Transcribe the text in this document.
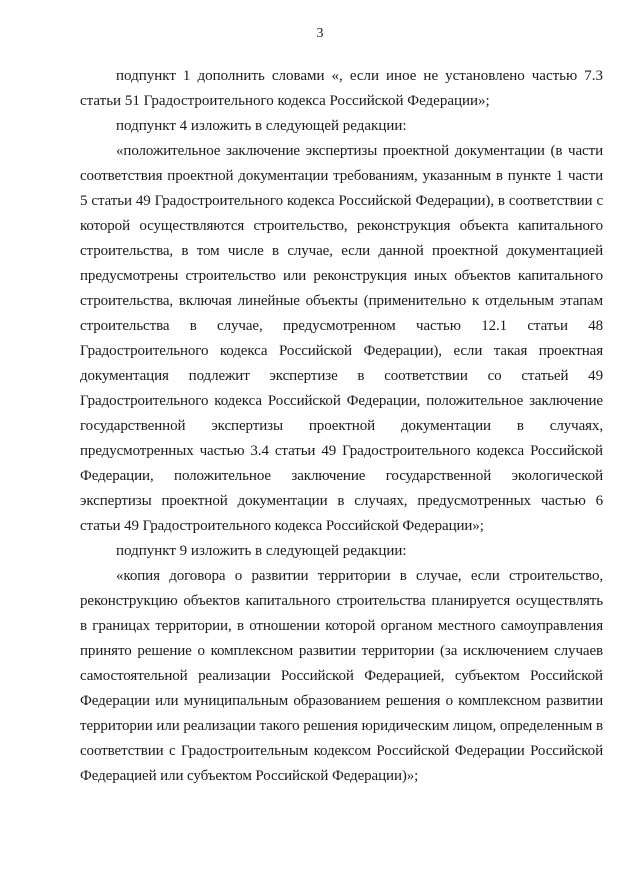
3

подпункт 1 дополнить словами «, если иное не установлено частью 7.3 статьи 51 Градостроительного кодекса Российской Федерации»;

подпункт 4 изложить в следующей редакции:

«положительное заключение экспертизы проектной документации (в части соответствия проектной документации требованиям, указанным в пункте 1 части 5 статьи 49 Градостроительного кодекса Российской Федерации), в соответствии с которой осуществляются строительство, реконструкция объекта капитального строительства, в том числе в случае, если данной проектной документацией предусмотрены строительство или реконструкция иных объектов капитального строительства, включая линейные объекты (применительно к отдельным этапам строительства в случае, предусмотренном частью 12.1 статьи 48 Градостроительного кодекса Российской Федерации), если такая проектная документация подлежит экспертизе в соответствии со статьей 49 Градостроительного кодекса Российской Федерации, положительное заключение государственной экспертизы проектной документации в случаях, предусмотренных частью 3.4 статьи 49 Градостроительного кодекса Российской Федерации, положительное заключение государственной экологической экспертизы проектной документации в случаях, предусмотренных частью 6 статьи 49 Градостроительного кодекса Российской Федерации»;

подпункт 9 изложить в следующей редакции:

«копия договора о развитии территории в случае, если строительство, реконструкцию объектов капитального строительства планируется осуществлять в границах территории, в отношении которой органом местного самоуправления принято решение о комплексном развитии территории (за исключением случаев самостоятельной реализации Российской Федерацией, субъектом Российской Федерации или муниципальным образованием решения о комплексном развитии территории или реализации такого решения юридическим лицом, определенным в соответствии с Градостроительным кодексом Российской Федерации Российской Федерацией или субъектом Российской Федерации)»;
